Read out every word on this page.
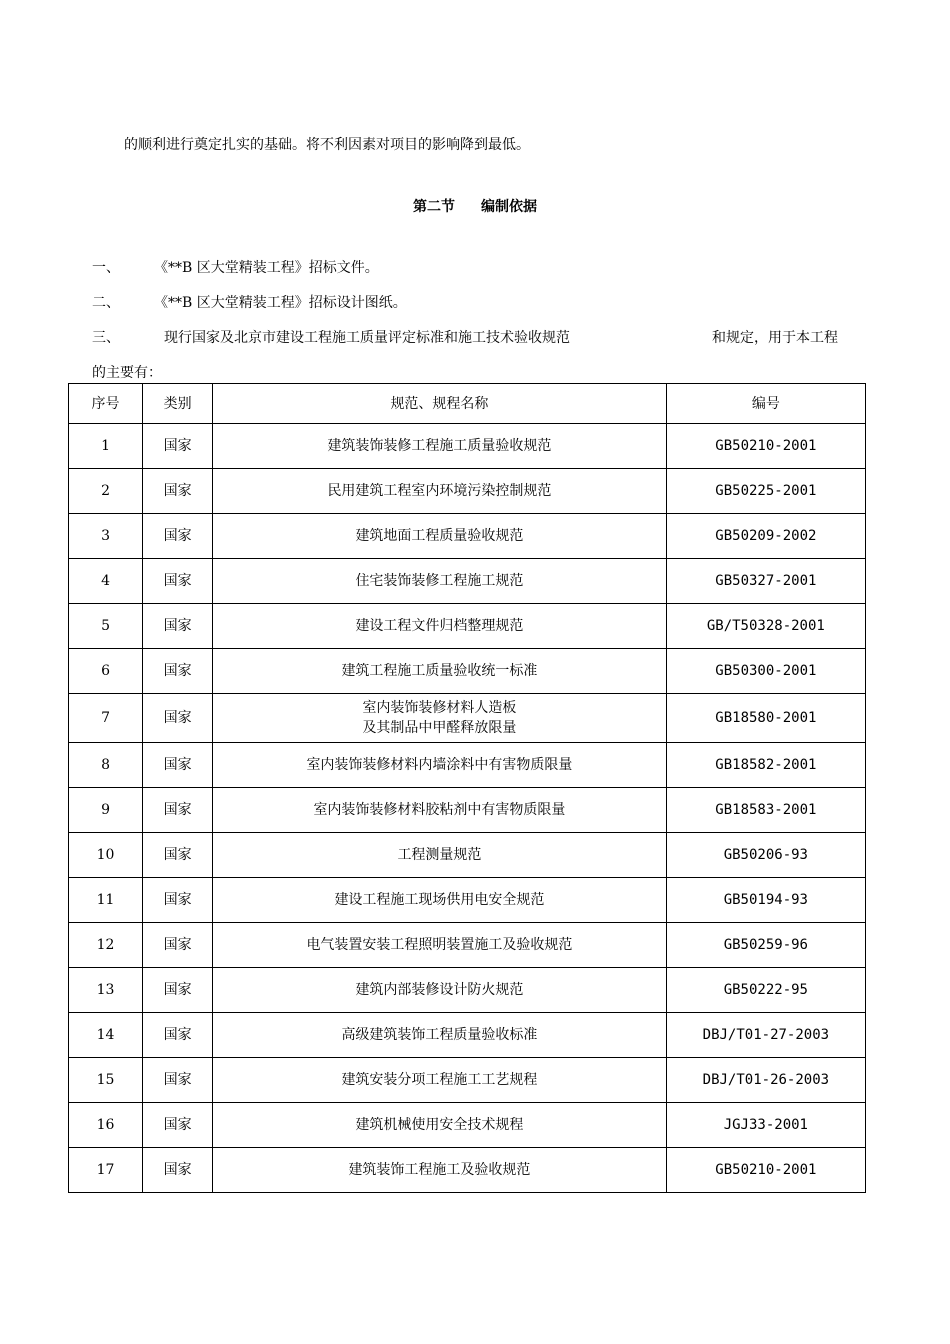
的顺利进行奠定扎实的基础。将不利因素对项目的影响降到最低。
第二节 编制依据
一、 《**B 区大堂精装工程》招标文件。
二、 《**B 区大堂精装工程》招标设计图纸。
三、	现行国家及北京市建设工程施工质量评定标准和施工技术验收规范	和规定，用于本工程
的主要有：
序号	类别	规范、规程名称	编号
1	国家	建筑装饰装修工程施工质量验收规范	GB50210-2001
2	国家	民用建筑工程室内环境污染控制规范	GB50225-2001
3	国家	建筑地面工程质量验收规范	GB50209-2002
4	国家	住宅装饰装修工程施工规范	GB50327-2001
5	国家	建设工程文件归档整理规范	GB/T50328-2001
6	国家	建筑工程施工质量验收统一标准	GB50300-2001
7	国家	室内装饰装修材料人造板
及其制品中甲醛释放限量	GB18580-2001
8	国家	室内装饰装修材料内墙涂料中有害物质限量	GB18582-2001
9	国家	室内装饰装修材料胶粘剂中有害物质限量	GB18583-2001
10	国家	工程测量规范	GB50206-93
11	国家	建设工程施工现场供用电安全规范	GB50194-93
12	国家	电气装置安装工程照明装置施工及验收规范	GB50259-96
13	国家	建筑内部装修设计防火规范	GB50222-95
14	国家	高级建筑装饰工程质量验收标准	DBJ/T01-27-2003
15	国家	建筑安装分项工程施工工艺规程	DBJ/T01-26-2003
16	国家	建筑机械使用安全技术规程	JGJ33-2001
17	国家	建筑装饰工程施工及验收规范	GB50210-2001
